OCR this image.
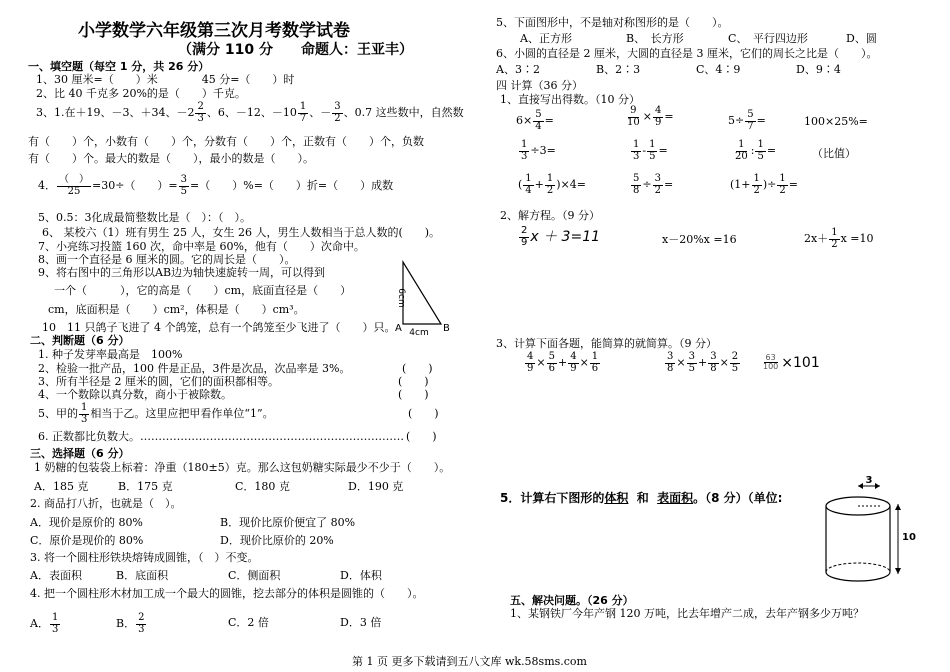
小学数学六年级第三次月考数学试卷
（满分 110 分　　命题人：王亚丰）
一、填空题（每空 1 分，共 26 分）
1、30 厘米=（　　）米　　　　45 分=（　　）时
2、比 40 千克多 20%的是（　　）千克。
3、1.在＋19、－3、＋34、$-2 \frac{2}{3}$ 、6、－12、$-10 \frac{1}{7}$ 、－ $\frac{3}{2}$ 、0.7 这些数中，自然数
有（　　）个，小数有（　　）个，分数有（　　）个，正数有（　　）个，负数
有（　　）个。最大的数是（　　），最小的数是（　　）。
4． $\frac{( )}{25} =30\div$（　　）= $\frac{3}{5}$ =（　　）%=（　　）折=（　　）成数
5、0.5：3化成最简整数比是（　）：（　）。
6、 某校六（1）班有男生 25 人，女生 26 人，男生人数相当于总人数的(　　)。
7、小亮练习投篮 160 次，命中率是 60%，他有（　　）次命中。
8、画一个直径是 6 厘米的圆。它的周长是（　　）。
9、将右图中的三角形以AB边为轴快速旋转一周，可以得到
一个（　　　），它的高是（　　）cm，底面直径是（　　）
cm，底面积是（　　）cm²，体积是（　　）cm³。
10　11 只鸽子飞进了 4 个鸽笼，总有一个鸽笼至少飞进了（　　）只。
6cm
4cm
A	B
二、判断题（6 分）
1. 种子发芽率最高是　100%
2、检验一批产品，100 件是正品，3件是次品，次品率是 3%。	(　　)
3、所有半径是 2 厘米的圆，它们的面积都相等。	(　　)
4、一个数除以真分数，商小于被除数。	(　　)
5、甲的 $\frac{1}{3}$ 相当于乙。这里应把甲看作单位“1”。	(　　)
6. 正数都比负数大。……………………………………………………………… (　　)
三、选择题（6 分）
1 奶糖的包装袋上标着：净重（180±5）克。那么这包奶糖实际最少不少于（　　）。
A．185 克	B．175 克	C．180 克	D．190 克
2. 商品打八折，也就是（　）。
A．现价是原价的 80%	B．现价比原价便宜了 80%
C．原价是现价的 80%	D．现价比原价的 20%
3. 将一个圆柱形铁块熔铸成圆锥，（　）不变。
A．表面积	B．底面积	C．侧面积	D．体积
4. 把一个圆柱形木材加工成一个最大的圆锥，挖去部分的体积是圆锥的（　　）。
A． $\frac{1}{3}$	B． $\frac{2}{3}$	C．2 倍	D．3 倍
5、下面图形中，不是轴对称图形的是（　　）。
A、正方形	B、　长方形	C、　平行四边形	D、圆
6、小圆的直径是 2 厘米，大圆的直径是 3 厘米，它们的周长之比是（　　）。
A、3∶2	B、2∶3	C、4∶9	D、9∶4
四 计算（36 分）
1、直接写出得数。（10 分）
$6\times \frac{5}{4}$ =	$\frac{9}{10} \times \frac{4}{9}$ =	$5\div \frac{5}{7}$ =	100×25%=
$\frac{1}{3} \div 3=$	$\frac{1}{3} - \frac{1}{5}$ =	$\frac{1}{20}$ : $\frac{1}{5}$ =	（比值）
( $\frac{1}{4} + \frac{1}{2} )\times 4=$	$\frac{5}{8} \div \frac{3}{2}$ =	($1+ \frac{1}{2}$ )÷ $\frac{1}{2}$ =
2、解方程。（9 分）
$\frac{2}{9}$ x ＋ 3=11	x－20%x =16	$2x+ \frac{1}{2}$ x =10
3、计算下面各题，能简算的就简算。（9 分）
$\frac{4}{9} \times \frac{5}{6} + \frac{4}{9} \times \frac{1}{6}$	$\frac{3}{8} \times \frac{3}{5} + \frac{3}{8} \times \frac{2}{5}$	$\frac{63}{100} \times 101$
5．计算右下图形的体积 和 表面积。（8 分）（单位:
3
10
五、解决问题。（26 分）
1、某钢铁厂今年产钢 120 万吨，比去年增产二成，去年产钢多少万吨？
第 1 页 更多下载请到五八文库 wk.58sms.com
